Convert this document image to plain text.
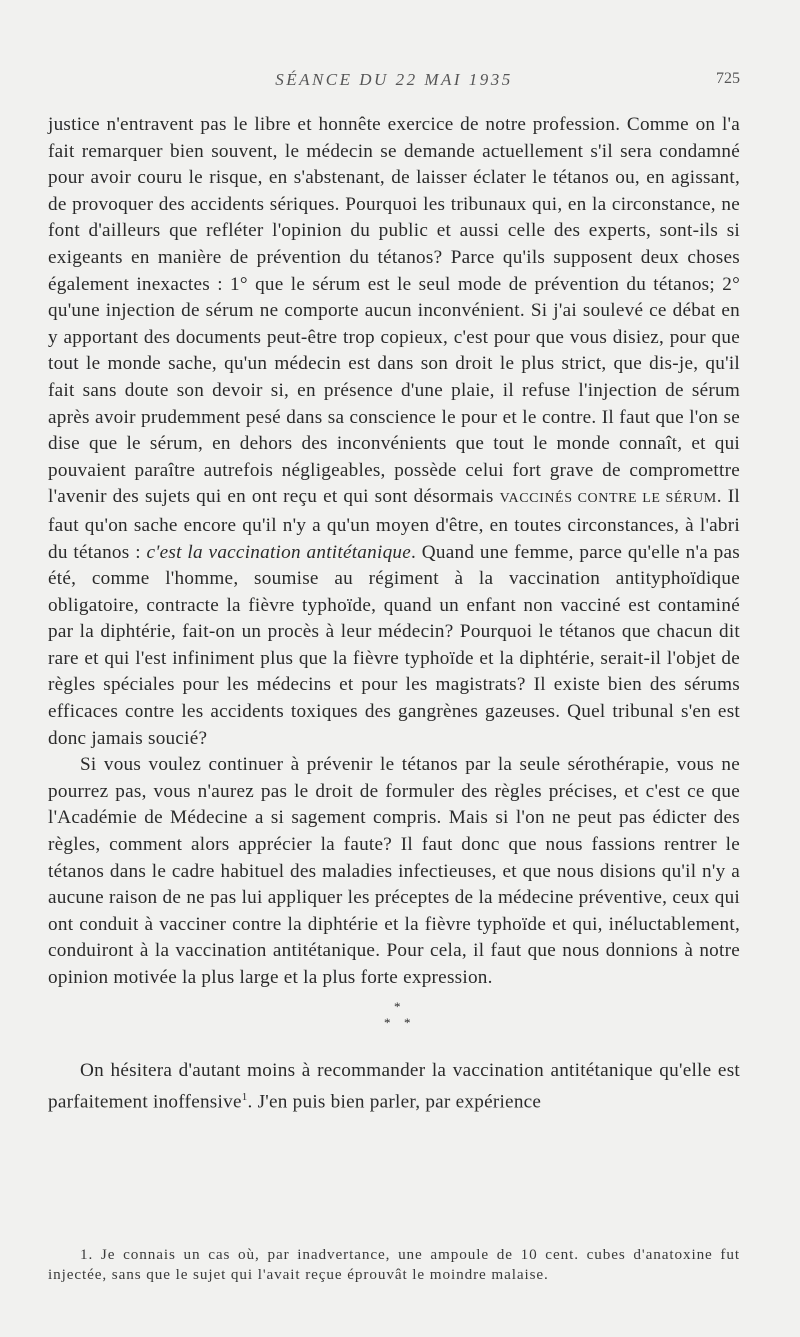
SÉANCE DU 22 MAI 1935	725

justice n'entravent pas le libre et honnête exercice de notre profession. Comme on l'a fait remarquer bien souvent, le médecin se demande actuellement s'il sera condamné pour avoir couru le risque, en s'abstenant, de laisser éclater le tétanos ou, en agissant, de provoquer des accidents sériques. Pourquoi les tribunaux qui, en la circonstance, ne font d'ailleurs que refléter l'opinion du public et aussi celle des experts, sont-ils si exigeants en manière de prévention du tétanos? Parce qu'ils supposent deux choses également inexactes : 1° que le sérum est le seul mode de prévention du tétanos; 2° qu'une injection de sérum ne comporte aucun inconvénient. Si j'ai soulevé ce débat en y apportant des documents peut-être trop copieux, c'est pour que vous disiez, pour que tout le monde sache, qu'un médecin est dans son droit le plus strict, que dis-je, qu'il fait sans doute son devoir si, en présence d'une plaie, il refuse l'injection de sérum après avoir prudemment pesé dans sa conscience le pour et le contre. Il faut que l'on se dise que le sérum, en dehors des inconvénients que tout le monde connaît, et qui pouvaient paraître autrefois négligeables, possède celui fort grave de compromettre l'avenir des sujets qui en ont reçu et qui sont désormais VACCINÉS CONTRE LE SÉRUM. Il faut qu'on sache encore qu'il n'y a qu'un moyen d'être, en toutes circonstances, à l'abri du tétanos : c'est la vaccination antitétanique. Quand une femme, parce qu'elle n'a pas été, comme l'homme, soumise au régiment à la vaccination antityphoïdique obligatoire, contracte la fièvre typhoïde, quand un enfant non vacciné est contaminé par la diphtérie, fait-on un procès à leur médecin? Pourquoi le tétanos que chacun dit rare et qui l'est infiniment plus que la fièvre typhoïde et la diphtérie, serait-il l'objet de règles spéciales pour les médecins et pour les magistrats? Il existe bien des sérums efficaces contre les accidents toxiques des gangrènes gazeuses. Quel tribunal s'en est donc jamais soucié?

Si vous voulez continuer à prévenir le tétanos par la seule sérothérapie, vous ne pourrez pas, vous n'aurez pas le droit de formuler des règles précises, et c'est ce que l'Académie de Médecine a si sagement compris. Mais si l'on ne peut pas édicter des règles, comment alors apprécier la faute? Il faut donc que nous fassions rentrer le tétanos dans le cadre habituel des maladies infectieuses, et que nous disions qu'il n'y a aucune raison de ne pas lui appliquer les préceptes de la médecine préventive, ceux qui ont conduit à vacciner contre la diphtérie et la fièvre typhoïde et qui, inéluctablement, conduiront à la vaccination antitétanique. Pour cela, il faut que nous donnions à notre opinion motivée la plus large et la plus forte expression.

*
* *

On hésitera d'autant moins à recommander la vaccination antitétanique qu'elle est parfaitement inoffensive$^1$. J'en puis bien parler, par expérience

1. Je connais un cas où, par inadvertance, une ampoule de 10 cent. cubes d'anatoxine fut injectée, sans que le sujet qui l'avait reçue éprouvât le moindre malaise.
